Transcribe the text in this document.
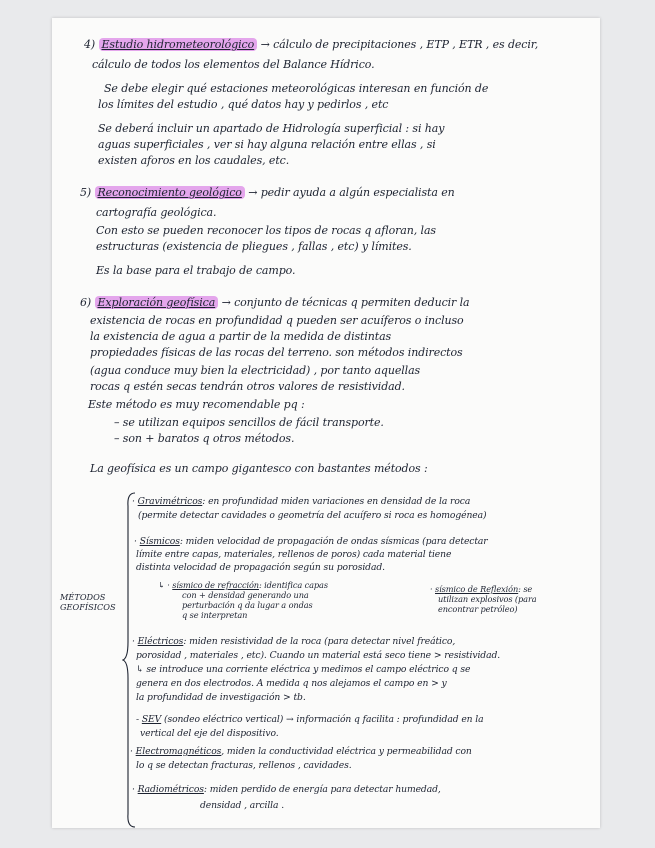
4) Estudio hidrometeorológico → cálculo de precipitaciones , ETP , ETR , es decir,
cálculo de todos los elementos del Balance Hídrico.
Se debe elegir qué estaciones meteorológicas interesan en función de
los límites del estudio , qué datos hay y pedirlos , etc
Se deberá incluir un apartado de Hidrología superficial : si hay
aguas superficiales , ver si hay alguna relación entre ellas , si
existen aforos en los caudales, etc.
5) Reconocimiento geológico → pedir ayuda a algún especialista en
cartografía geológica.
Con esto se pueden reconocer los tipos de rocas q afloran, las
estructuras (existencia de pliegues , fallas , etc) y límites.
Es la base para el trabajo de campo.
6) Exploración geofísica → conjunto de técnicas q permiten deducir la
existencia de rocas en profundidad q pueden ser acuíferos o incluso
la existencia de agua a partir de la medida de distintas
propiedades físicas de las rocas del terreno. son métodos indirectos
(agua conduce muy bien la electricidad) , por tanto aquellas
rocas q estén secas tendrán otros valores de resistividad.
Este método es muy recomendable pq :
– se utilizan equipos sencillos de fácil transporte.
– son + baratos q otros métodos.
La geofísica es un campo gigantesco con bastantes métodos :
MÉTODOS
GEOFÍSICOS
· Gravimétricos: en profundidad miden variaciones en densidad de la roca
(permite detectar cavidades o geometría del acuífero si roca es homogénea)
· Sísmicos: miden velocidad de propagación de ondas sísmicas (para detectar
límite entre capas, materiales, rellenos de poros) cada material tiene
distinta velocidad de propagación según su porosidad.
↳ · sísmico de refracción: identifica capas
con + densidad generando una
perturbación q da lugar a ondas
q se interpretan
· sísmico de Reflexión: se
utilizan explosivos (para
encontrar petróleo)
· Eléctricos: miden resistividad de la roca (para detectar nivel freático,
porosidad , materiales , etc). Cuando un material está seco tiene > resistividad.
↳ se introduce una corriente eléctrica y medimos el campo eléctrico q se
genera en dos electrodos. A medida q nos alejamos el campo en > y
la profundidad de investigación > tb.
- SEV (sondeo eléctrico vertical) → información q facilita : profundidad en la
vertical del eje del dispositivo.
· Electromagnéticos, miden la conductividad eléctrica y permeabilidad con
lo q se detectan fracturas, rellenos , cavidades.
· Radiométricos: miden perdido de energía para detectar humedad,
densidad , arcilla .
